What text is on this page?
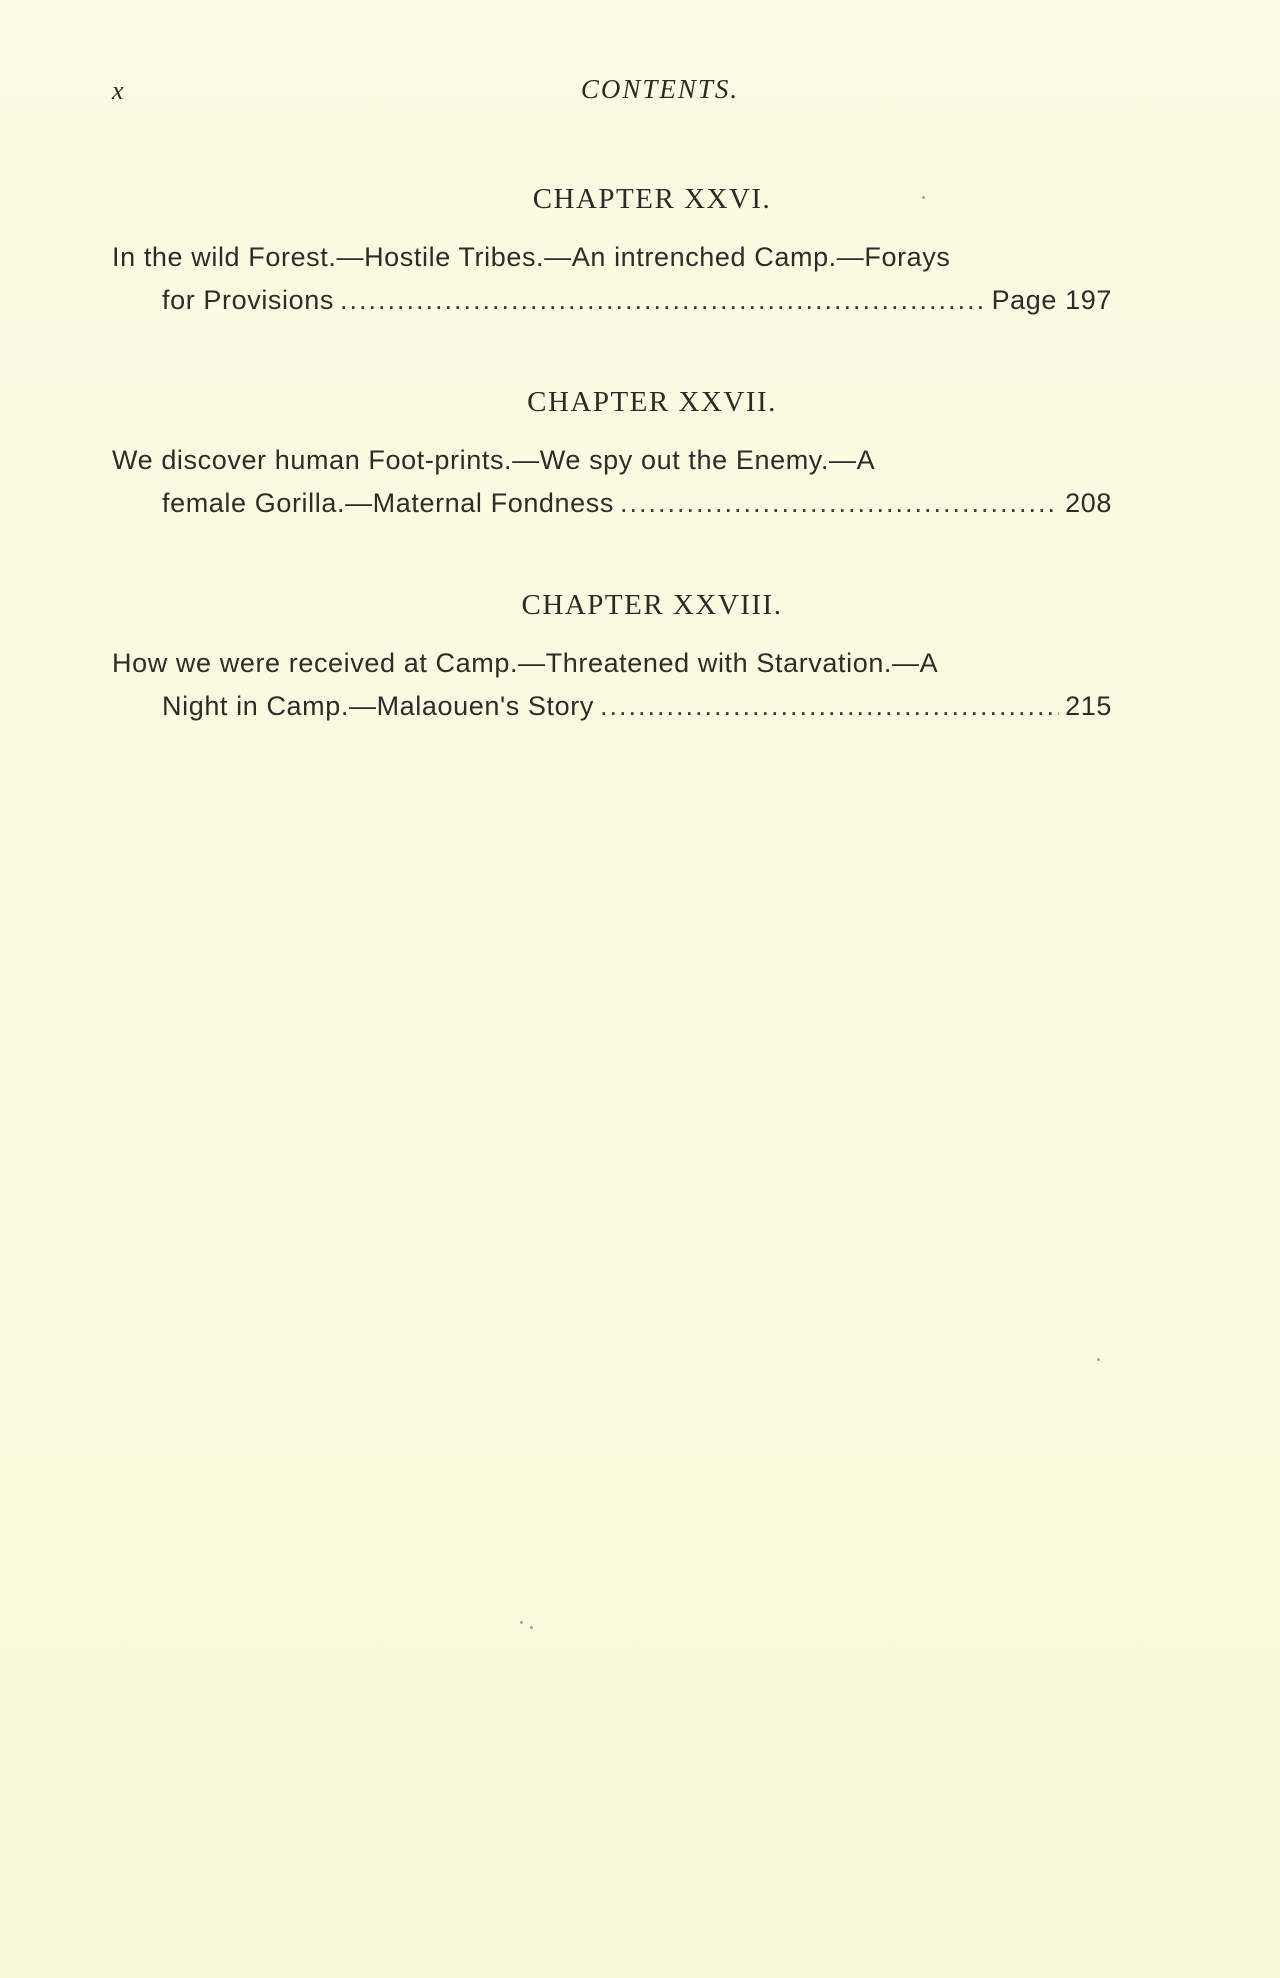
x	CONTENTS.
CHAPTER XXVI.
In the wild Forest.—Hostile Tribes.—An intrenched Camp.—Forays
for Provisions .....	Page 197
CHAPTER XXVII.
We discover human Foot-prints.—We spy out the Enemy.—A
female Gorilla.—Maternal Fondness .....	208
CHAPTER XXVIII.
How we were received at Camp.—Threatened with Starvation.—A
Night in Camp.—Malaouen's Story .....	215
